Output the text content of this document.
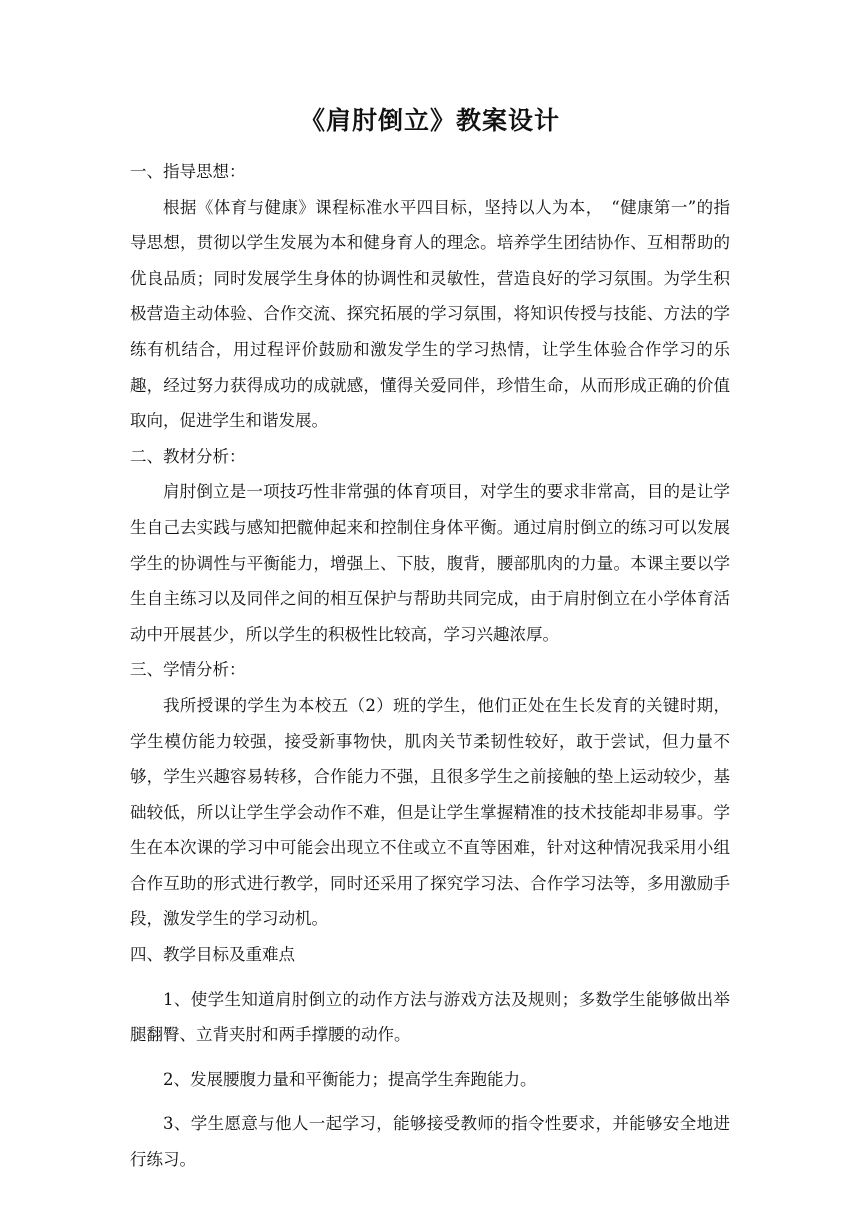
《肩肘倒立》教案设计
一、指导思想：

根据《体育与健康》课程标准水平四目标，坚持以人为本，　“健康第一”的指导思想，贯彻以学生发展为本和健身育人的理念。培养学生团结协作、互相帮助的优良品质；同时发展学生身体的协调性和灵敏性，营造良好的学习氛围。为学生积极营造主动体验、合作交流、探究拓展的学习氛围，将知识传授与技能、方法的学练有机结合，用过程评价鼓励和激发学生的学习热情，让学生体验合作学习的乐趣，经过努力获得成功的成就感，懂得关爱同伴，珍惜生命，从而形成正确的价值取向，促进学生和谐发展。

二、教材分析：

肩肘倒立是一项技巧性非常强的体育项目，对学生的要求非常高，目的是让学生自己去实践与感知把髋伸起来和控制住身体平衡。通过肩肘倒立的练习可以发展学生的协调性与平衡能力，增强上、下肢，腹背，腰部肌肉的力量。本课主要以学生自主练习以及同伴之间的相互保护与帮助共同完成，由于肩肘倒立在小学体育活动中开展甚少，所以学生的积极性比较高，学习兴趣浓厚。

三、学情分析：

我所授课的学生为本校五（2）班的学生，他们正处在生长发育的关键时期，学生模仿能力较强，接受新事物快，肌肉关节柔韧性较好，敢于尝试，但力量不够，学生兴趣容易转移，合作能力不强，且很多学生之前接触的垫上运动较少，基础较低，所以让学生学会动作不难，但是让学生掌握精准的技术技能却非易事。学生在本次课的学习中可能会出现立不住或立不直等困难，针对这种情况我采用小组合作互助的形式进行教学，同时还采用了探究学习法、合作学习法等，多用激励手段，激发学生的学习动机。

四、教学目标及重难点

1、使学生知道肩肘倒立的动作方法与游戏方法及规则；多数学生能够做出举腿翻臀、立背夹肘和两手撑腰的动作。

2、发展腰腹力量和平衡能力；提高学生奔跑能力。

3、学生愿意与他人一起学习，能够接受教师的指令性要求，并能够安全地进行练习。
